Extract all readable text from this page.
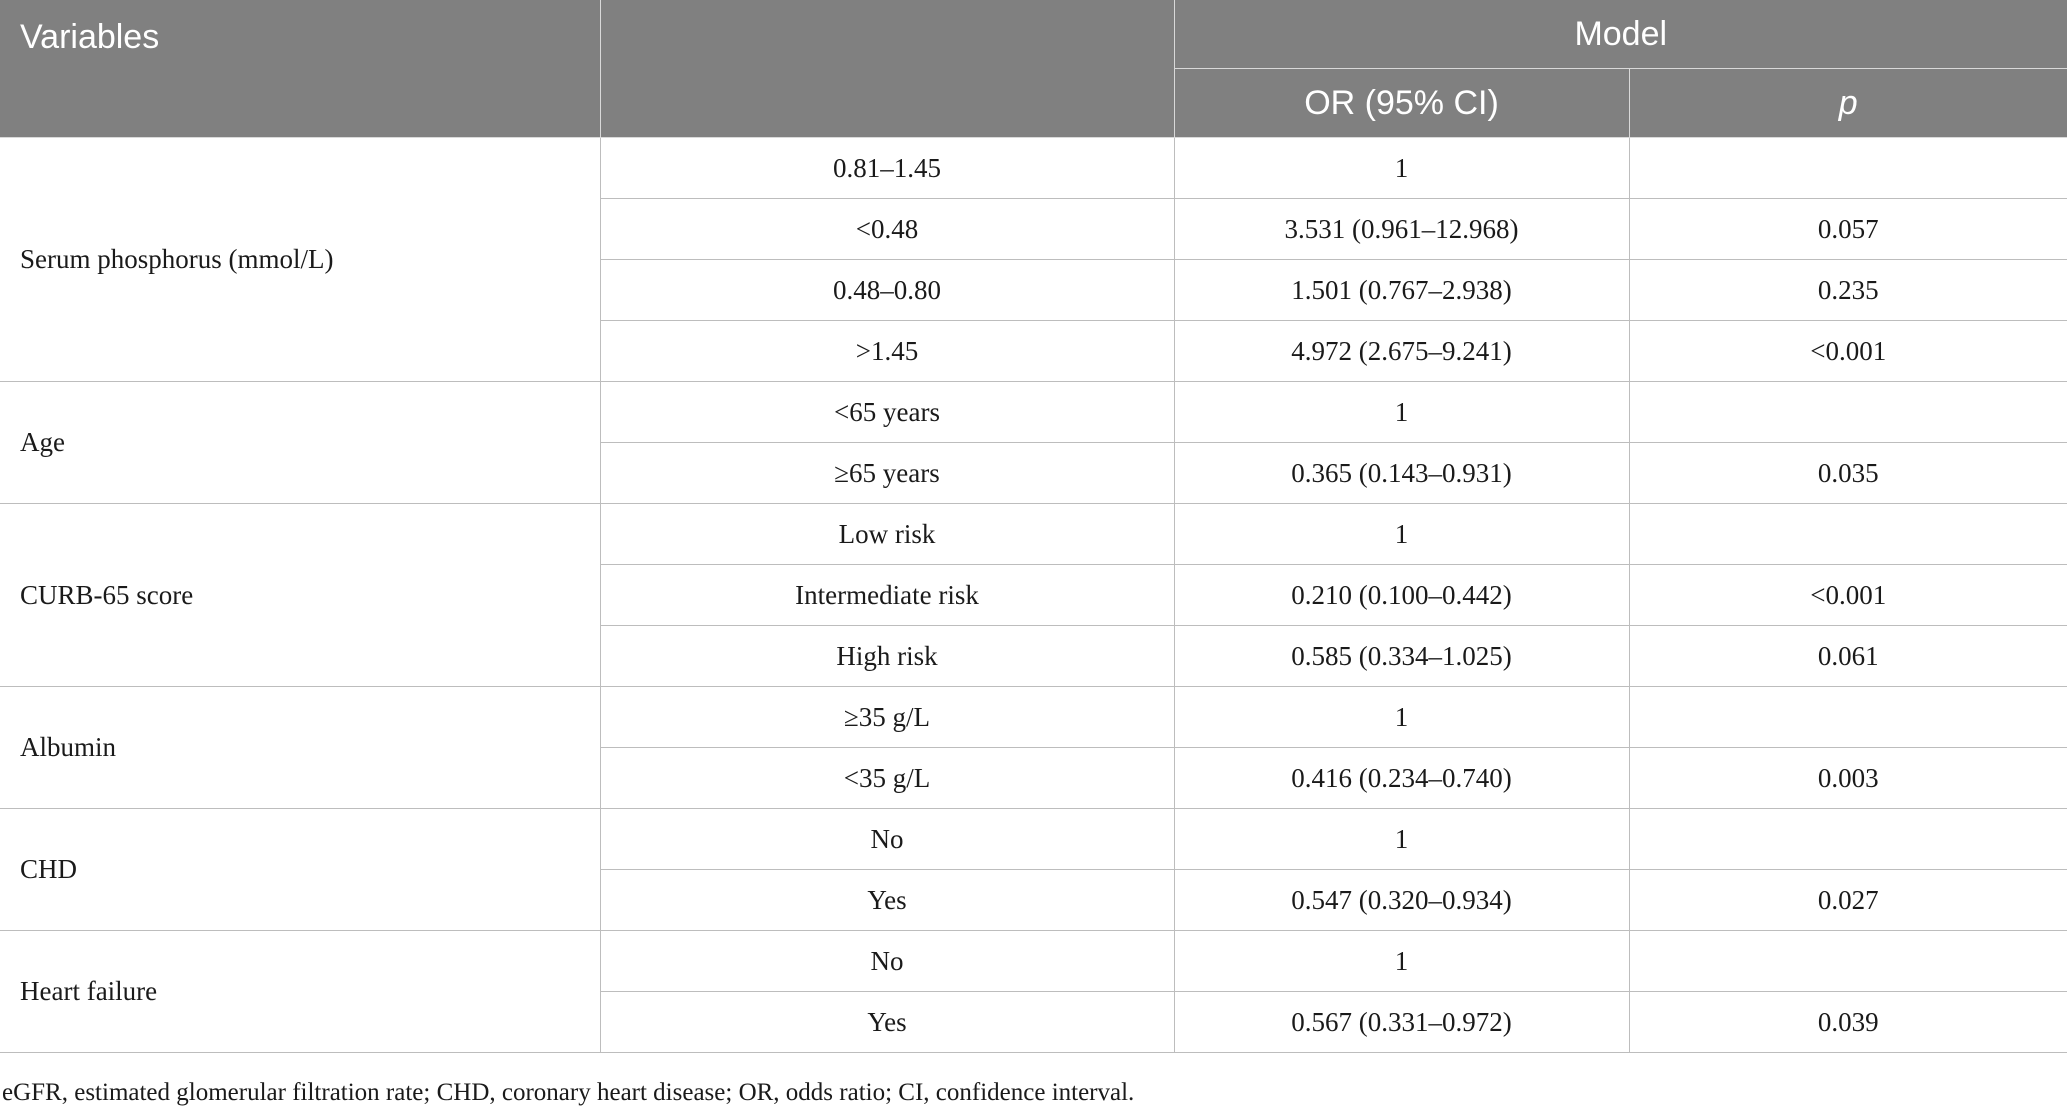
Variables		Model	
		OR (95% CI)	p
Serum phosphorus (mmol/L)	0.81–1.45	1	
	<0.48	3.531 (0.961–12.968)	0.057
	0.48–0.80	1.501 (0.767–2.938)	0.235
	>1.45	4.972 (2.675–9.241)	<0.001
Age	<65 years	1	
	≥65 years	0.365 (0.143–0.931)	0.035
CURB-65 score	Low risk	1	
	Intermediate risk	0.210 (0.100–0.442)	<0.001
	High risk	0.585 (0.334–1.025)	0.061
Albumin	≥35 g/L	1	
	<35 g/L	0.416 (0.234–0.740)	0.003
CHD	No	1	
	Yes	0.547 (0.320–0.934)	0.027
Heart failure	No	1	
	Yes	0.567 (0.331–0.972)	0.039
eGFR, estimated glomerular filtration rate; CHD, coronary heart disease; OR, odds ratio; CI, confidence interval.
